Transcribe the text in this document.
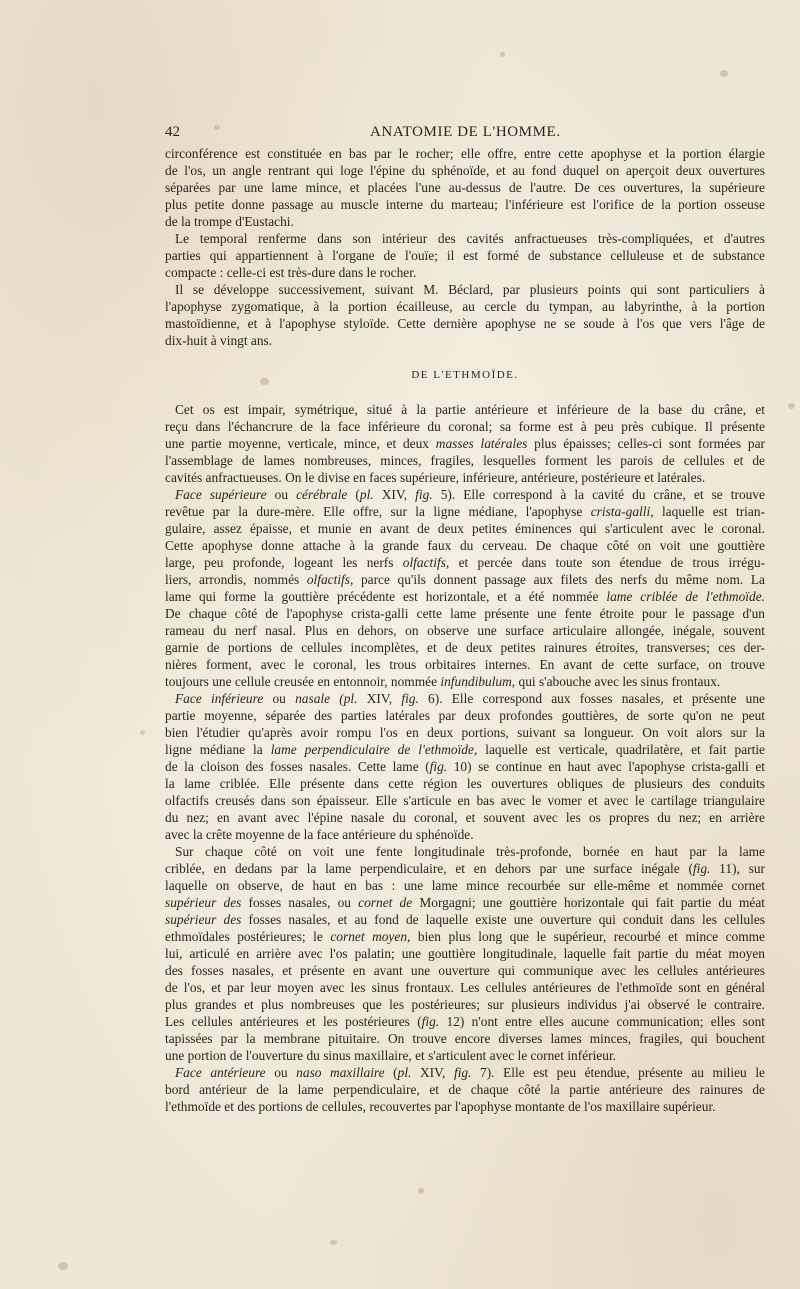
42	ANATOMIE DE L'HOMME.
circonférence est constituée en bas par le rocher; elle offre, entre cette apophyse et la portion élargie
de l'os, un angle rentrant qui loge l'épine du sphénoïde, et au fond duquel on aperçoit deux ouvertures
séparées par une lame mince, et placées l'une au-dessus de l'autre. De ces ouvertures, la supérieure
plus petite donne passage au muscle interne du marteau; l'inférieure est l'orifice de la portion osseuse
de la trompe d'Eustachi.
Le temporal renferme dans son intérieur des cavités anfractueuses très-compliquées, et d'autres
parties qui appartiennent à l'organe de l'ouïe; il est formé de substance celluleuse et de substance
compacte : celle-ci est très-dure dans le rocher.
Il se développe successivement, suivant M. Béclard, par plusieurs points qui sont particuliers à
l'apophyse zygomatique, à la portion écailleuse, au cercle du tympan, au labyrinthe, à la portion
mastoïdienne, et à l'apophyse styloïde. Cette dernière apophyse ne se soude à l'os que vers l'âge de
dix-huit à vingt ans.
DE L'ETHMOÏDE.
Cet os est impair, symétrique, situé à la partie antérieure et inférieure de la base du crâne, et
reçu dans l'échancrure de la face inférieure du coronal; sa forme est à peu près cubique. Il présente
une partie moyenne, verticale, mince, et deux masses latérales plus épaisses; celles-ci sont formées par
l'assemblage de lames nombreuses, minces, fragiles, lesquelles forment les parois de cellules et de
cavités anfractueuses. On le divise en faces supérieure, inférieure, antérieure, postérieure et latérales.
Face supérieure ou cérébrale (pl. XIV, fig. 5). Elle correspond à la cavité du crâne, et se trouve
revêtue par la dure-mère. Elle offre, sur la ligne médiane, l'apophyse crista-galli, laquelle est trian-
gulaire, assez épaisse, et munie en avant de deux petites éminences qui s'articulent avec le coronal.
Cette apophyse donne attache à la grande faux du cerveau. De chaque côté on voit une gouttière
large, peu profonde, logeant les nerfs olfactifs, et percée dans toute son étendue de trous irrégu-
liers, arrondis, nommés olfactifs, parce qu'ils donnent passage aux filets des nerfs du même nom. La
lame qui forme la gouttière précédente est horizontale, et a été nommée lame criblée de l'ethmoïde.
De chaque côté de l'apophyse crista-galli cette lame présente une fente étroite pour le passage d'un
rameau du nerf nasal. Plus en dehors, on observe une surface articulaire allongée, inégale, souvent
garnie de portions de cellules incomplètes, et de deux petites rainures étroites, transverses; ces der-
nières forment, avec le coronal, les trous orbitaires internes. En avant de cette surface, on trouve
toujours une cellule creusée en entonnoir, nommée infundibulum, qui s'abouche avec les sinus frontaux.
Face inférieure ou nasale (pl. XIV, fig. 6). Elle correspond aux fosses nasales, et présente une
partie moyenne, séparée des parties latérales par deux profondes gouttières, de sorte qu'on ne peut
bien l'étudier qu'après avoir rompu l'os en deux portions, suivant sa longueur. On voit alors sur la
ligne médiane la lame perpendiculaire de l'ethmoïde, laquelle est verticale, quadrilatère, et fait partie
de la cloison des fosses nasales. Cette lame (fig. 10) se continue en haut avec l'apophyse crista-galli et
la lame criblée. Elle présente dans cette région les ouvertures obliques de plusieurs des conduits
olfactifs creusés dans son épaisseur. Elle s'articule en bas avec le vomer et avec le cartilage triangulaire
du nez; en avant avec l'épine nasale du coronal, et souvent avec les os propres du nez; en arrière
avec la crête moyenne de la face antérieure du sphénoïde.
Sur chaque côté on voit une fente longitudinale très-profonde, bornée en haut par la lame
criblée, en dedans par la lame perpendiculaire, et en dehors par une surface inégale (fig. 11), sur
laquelle on observe, de haut en bas : une lame mince recourbée sur elle-même et nommée cornet
supérieur des fosses nasales, ou cornet de Morgagni; une gouttière horizontale qui fait partie du méat
supérieur des fosses nasales, et au fond de laquelle existe une ouverture qui conduit dans les cellules
ethmoïdales postérieures; le cornet moyen, bien plus long que le supérieur, recourbé et mince comme
lui, articulé en arrière avec l'os palatin; une gouttière longitudinale, laquelle fait partie du méat moyen
des fosses nasales, et présente en avant une ouverture qui communique avec les cellules antérieures
de l'os, et par leur moyen avec les sinus frontaux. Les cellules antérieures de l'ethmoïde sont en général
plus grandes et plus nombreuses que les postérieures; sur plusieurs individus j'ai observé le contraire.
Les cellules antérieures et les postérieures (fig. 12) n'ont entre elles aucune communication; elles sont
tapissées par la membrane pituitaire. On trouve encore diverses lames minces, fragiles, qui bouchent
une portion de l'ouverture du sinus maxillaire, et s'articulent avec le cornet inférieur.
Face antérieure ou naso maxillaire (pl. XIV, fig. 7). Elle est peu étendue, présente au milieu le
bord antérieur de la lame perpendiculaire, et de chaque côté la partie antérieure des rainures de
l'ethmoïde et des portions de cellules, recouvertes par l'apophyse montante de l'os maxillaire supérieur.
